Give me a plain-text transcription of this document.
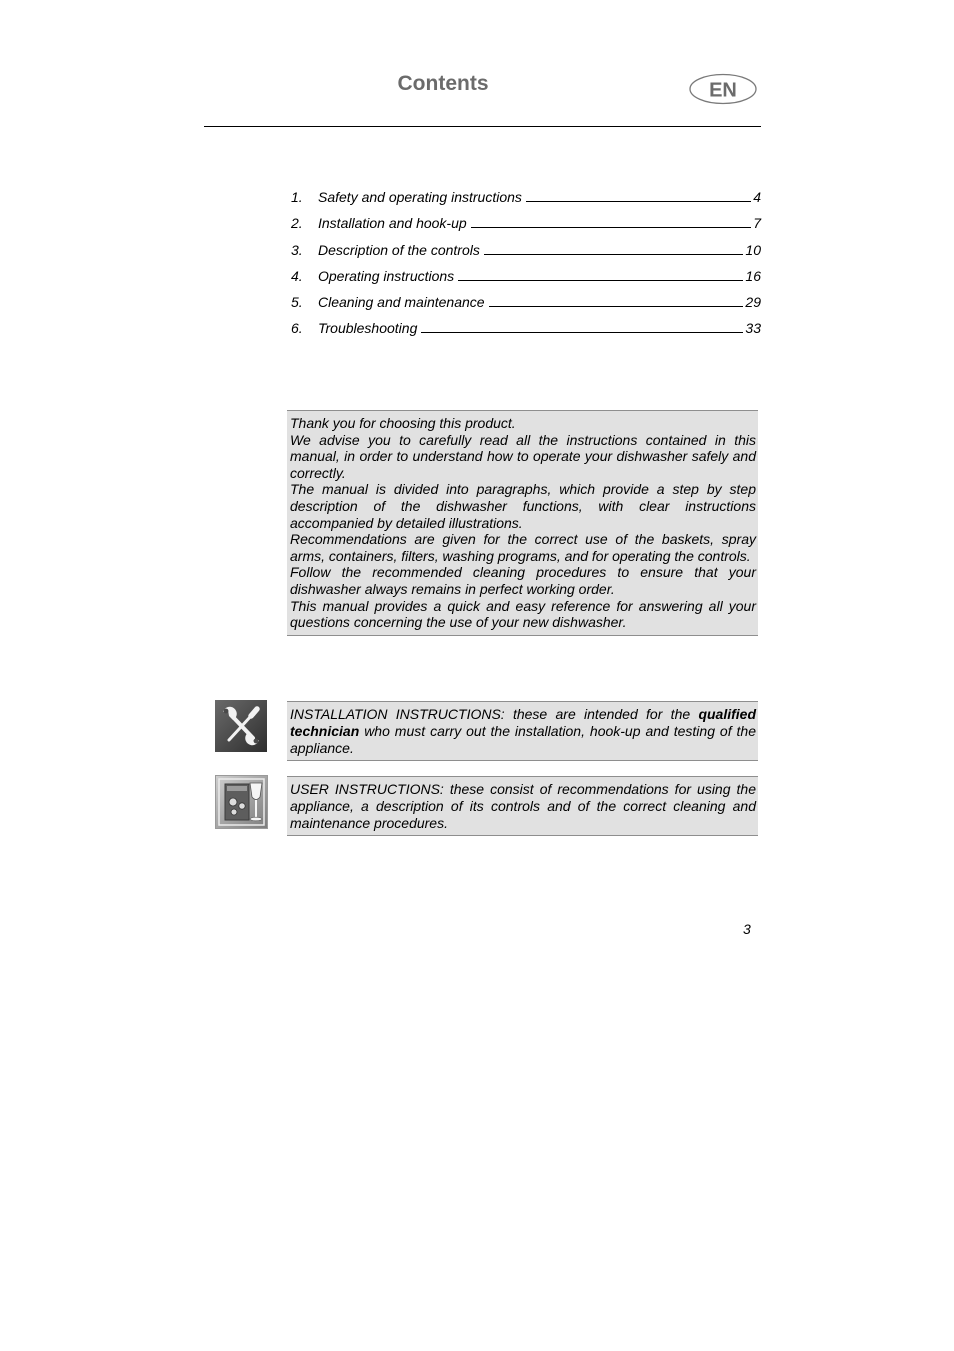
Contents	EN
1.	Safety and operating instructions	4
2.	Installation and hook-up	7
3.	Description of the controls	10
4.	Operating instructions	16
5.	Cleaning and maintenance	29
6.	Troubleshooting	33

Thank you for choosing this product.

We advise you to carefully read all the instructions contained in this manual, in order to understand how to operate your dishwasher safely and correctly.

The manual is divided into paragraphs, which provide a step by step description of the dishwasher functions, with clear instructions accompanied by detailed illustrations.

Recommendations are given for the correct use of the baskets, spray arms, containers, filters, washing programs, and for operating the controls.

Follow the recommended cleaning procedures to ensure that your dishwasher always remains in perfect working order.

This manual provides a quick and easy reference for answering all your questions concerning the use of your new dishwasher.

INSTALLATION INSTRUCTIONS: these are intended for the qualified technician who must carry out the installation, hook-up and testing of the appliance.
USER INSTRUCTIONS: these consist of recommendations for using the appliance, a description of its controls and of the correct cleaning and maintenance procedures.
3
